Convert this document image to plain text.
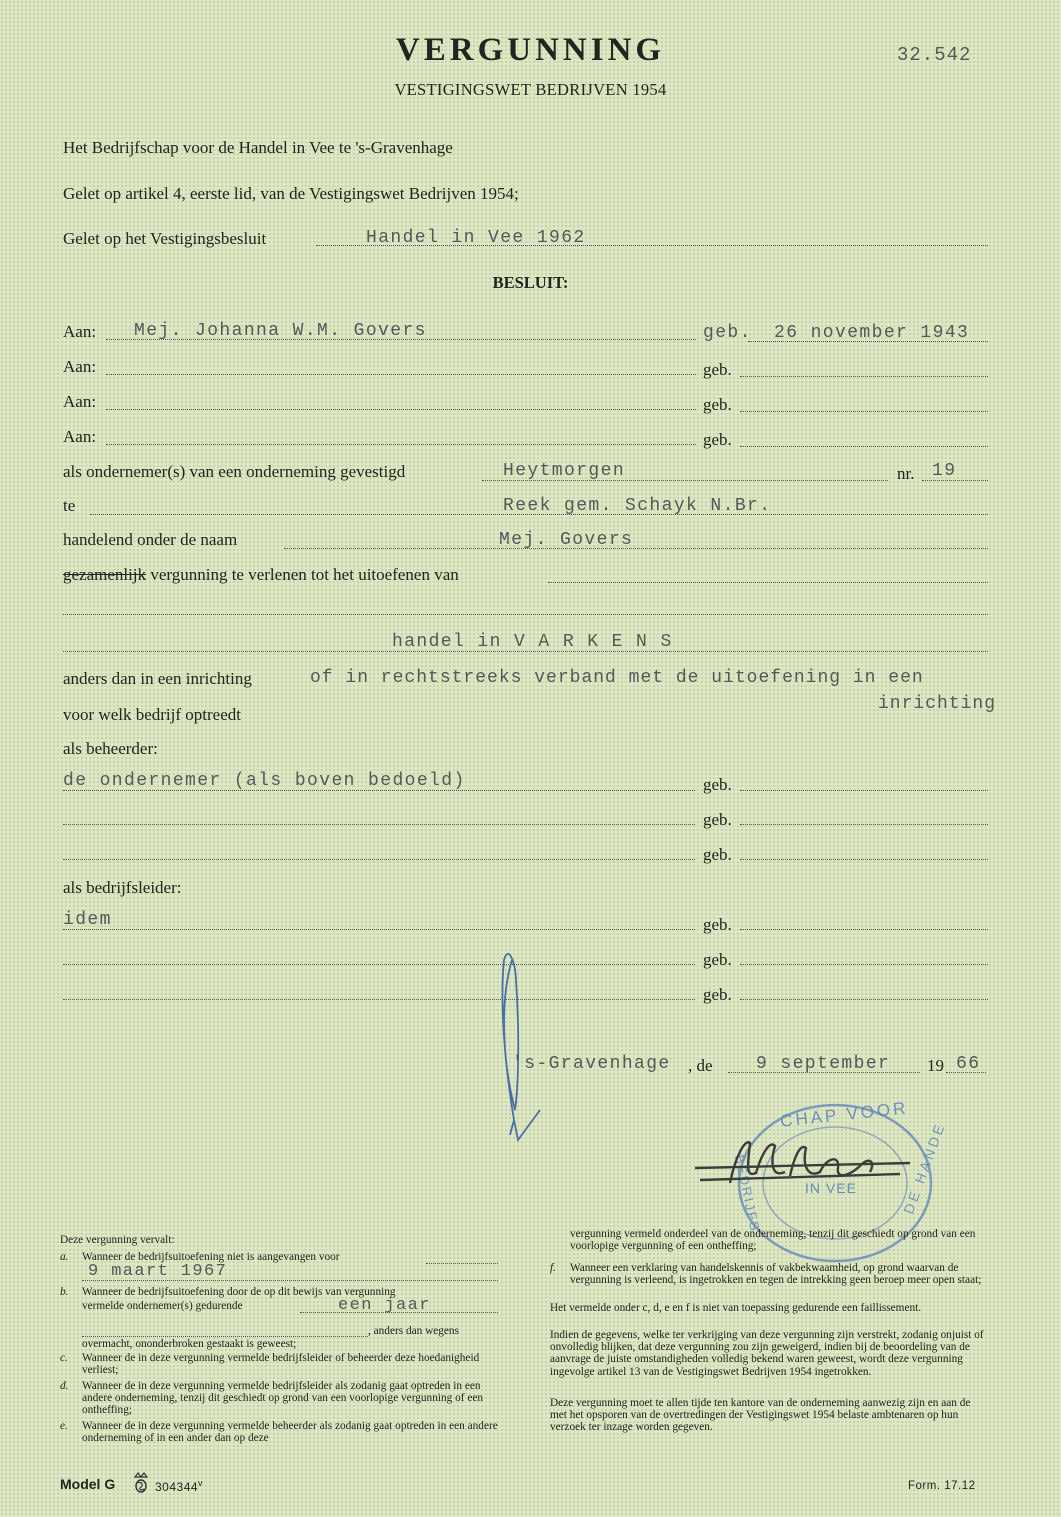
VERGUNNING	32.542
VESTIGINGSWET BEDRIJVEN 1954
Het Bedrijfschap voor de Handel in Vee te 's-Gravenhage
Gelet op artikel 4, eerste lid, van de Vestigingswet Bedrijven 1954;
Gelet op het Vestigingsbesluit	Handel in Vee 1962
BESLUIT:
Aan: Mej. Johanna W.M. Govers	geb. 26 november 1943
Aan:	geb.
Aan:	geb.
Aan:	geb.
als ondernemer(s) van een onderneming gevestigd	Heytmorgen	nr. 19
te	Reek gem. Schayk N.Br.
handelend onder de naam	Mej. Govers
gezamenlijk vergunning te verlenen tot het uitoefenen van
handel in V A R K E N S
anders dan in een inrichting	of in rechtstreeks verband met de uitoefening in een
voor welk bedrijf optreedt
inrichting
als beheerder:
de ondernemer (als boven bedoeld)	geb.
geb.
geb.
als bedrijfsleider:
idem	geb.
geb.
geb.
's-Gravenhage , de 9 september 19 66
CHAP VOOR
IN VEE
BEDRIJFS	DE HANDE
Deze vergunning vervalt:
a.	Wanneer de bedrijfsuitoefening niet is aangevangen voor
9 maart 1967
b.	Wanneer de bedrijfsuitoefening door de op dit bewijs van vergunning
vermelde ondernemer(s) gedurende	een jaar
, anders dan wegens
overmacht, ononderbroken gestaakt is geweest;
c.	Wanneer de in deze vergunning vermelde bedrijfsleider of beheerder deze hoedanigheid verliest;
d.	Wanneer de in deze vergunning vermelde bedrijfsleider als zodanig gaat optreden in een andere onderneming, tenzij dit geschiedt op grond van een voorlopige vergunning of een ontheffing;
e.	Wanneer de in deze vergunning vermelde beheerder als zodanig gaat optreden in een andere onderneming of in een ander dan op deze
vergunning vermeld onderdeel van de onderneming, tenzij dit geschiedt op grond van een voorlopige vergunning of een ontheffing;
f.	Wanneer een verklaring van handelskennis of vakbekwaamheid, op grond waarvan de vergunning is verleend, is ingetrokken en tegen de intrekking geen beroep meer open staat;
Het vermelde onder c, d, e en f is niet van toepassing gedurende een faillissement.
Indien de gegevens, welke ter verkrijging van deze vergunning zijn verstrekt, zodanig onjuist of onvolledig blijken, dat deze vergunning zou zijn geweigerd, indien bij de beoordeling van de aanvrage de juiste omstandigheden volledig bekend waren geweest, wordt deze vergunning ingevolge artikel 13 van de Vestigingswet Bedrijven 1954 ingetrokken.
Deze vergunning moet te allen tijde ten kantore van de onderneming aanwezig zijn en aan de met het opsporen van de overtredingen der Vestigingswet 1954 belaste ambtenaren op hun verzoek ter inzage worden gegeven.
Model G	304344$^v$	Form. 17.12
